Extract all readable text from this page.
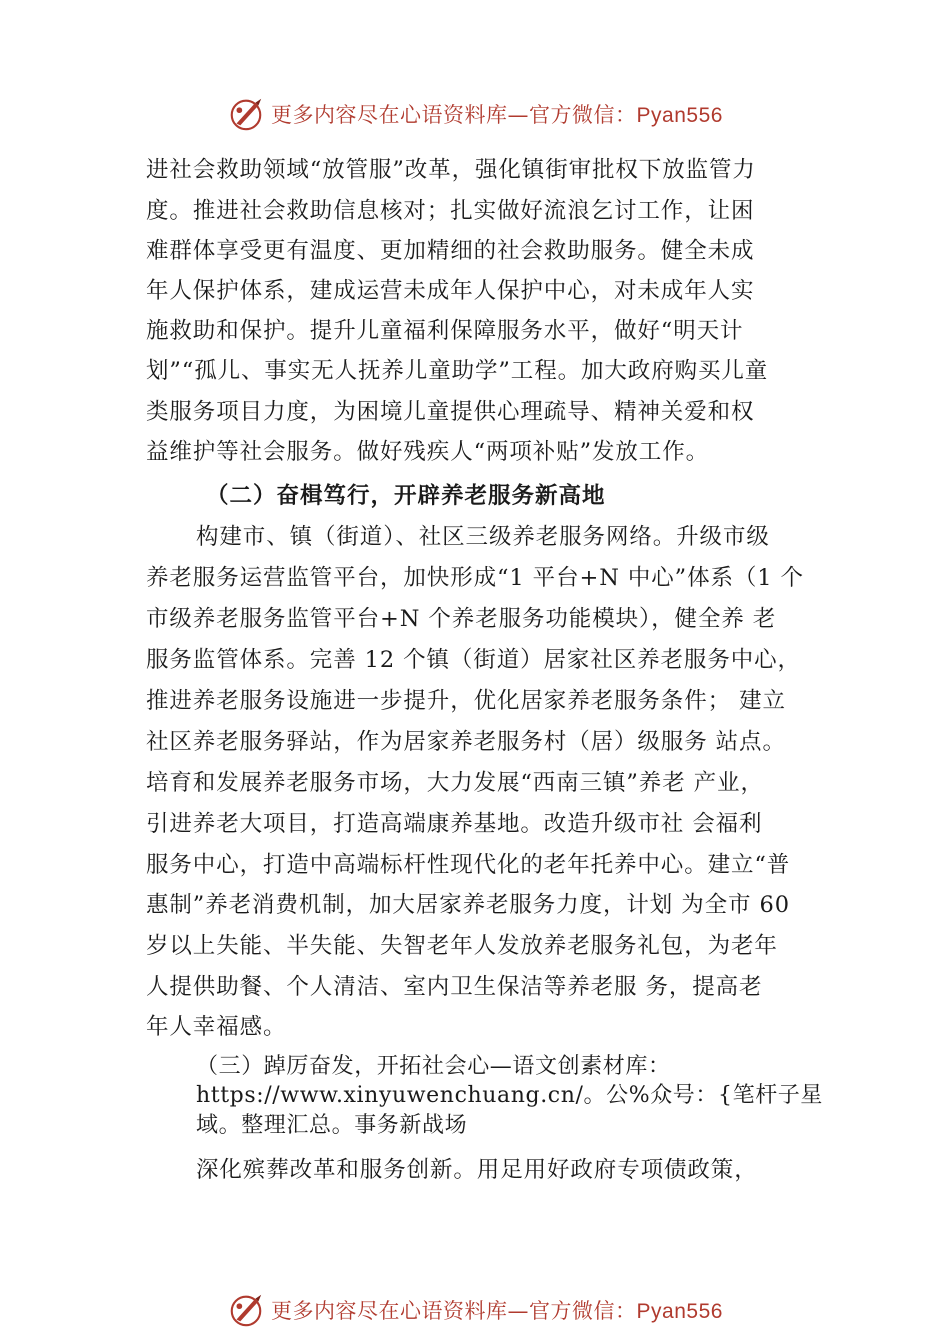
更多内容尽在心语资料库—官方微信：Pyan556
进社会救助领域“放管服”改革，强化镇街审批权下放监管力
度。推进社会救助信息核对；扎实做好流浪乞讨工作，让困
难群体享受更有温度、更加精细的社会救助服务。健全未成
年人保护体系，建成运营未成年人保护中心，对未成年人实
施救助和保护。提升儿童福利保障服务水平，做好“明天计
划”“孤儿、事实无人抚养儿童助学”工程。加大政府购买儿童
类服务项目力度，为困境儿童提供心理疏导、精神关爱和权
益维护等社会服务。做好残疾人“两项补贴”发放工作。
（二）奋楫笃行，开辟养老服务新高地
构建市、镇（街道）、社区三级养老服务网络。升级市级
养老服务运营监管平台，加快形成“1 平台+N 中心”体系（1 个
市级养老服务监管平台+N 个养老服务功能模块），健全养 老
服务监管体系。完善 12 个镇（街道）居家社区养老服务中心，
推进养老服务设施进一步提升，优化居家养老服务条件； 建立
社区养老服务驿站，作为居家养老服务村（居）级服务 站点。
培育和发展养老服务市场，大力发展“西南三镇”养老 产业，
引进养老大项目，打造高端康养基地。改造升级市社 会福利
服务中心，打造中高端标杆性现代化的老年托养中心。建立“普
惠制”养老消费机制，加大居家养老服务力度，计划 为全市 60
岁以上失能、半失能、失智老年人发放养老服务礼包，为老年
人提供助餐、个人清洁、室内卫生保洁等养老服 务，提高老
年人幸福感。
（三）踔厉奋发，开拓社会心—语文创素材库：
https://www.xinyuwenchuang.cn/。公%众号：{笔杆子星
域。整理汇总。事务新战场
深化殡葬改革和服务创新。用足用好政府专项债政策，
更多内容尽在心语资料库—官方微信：Pyan556
